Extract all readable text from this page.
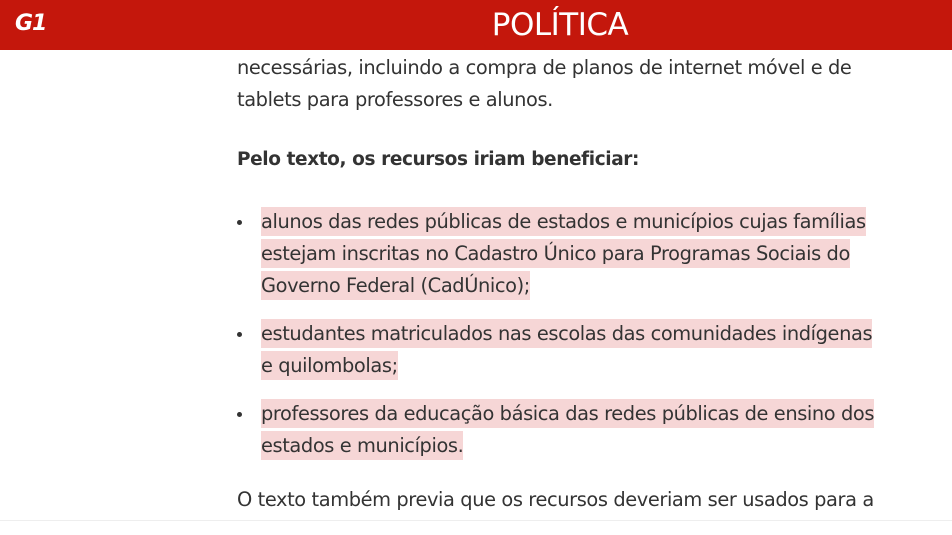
G1	POLÍTICA

necessárias, incluindo a compra de planos de internet móvel e de tablets para professores e alunos.

Pelo texto, os recursos iriam beneficiar:

alunos das redes públicas de estados e municípios cujas famílias estejam inscritas no Cadastro Único para Programas Sociais do Governo Federal (CadÚnico);
estudantes matriculados nas escolas das comunidades indígenas e quilombolas;
professores da educação básica das redes públicas de ensino dos estados e municípios.

O texto também previa que os recursos deveriam ser usados para a
